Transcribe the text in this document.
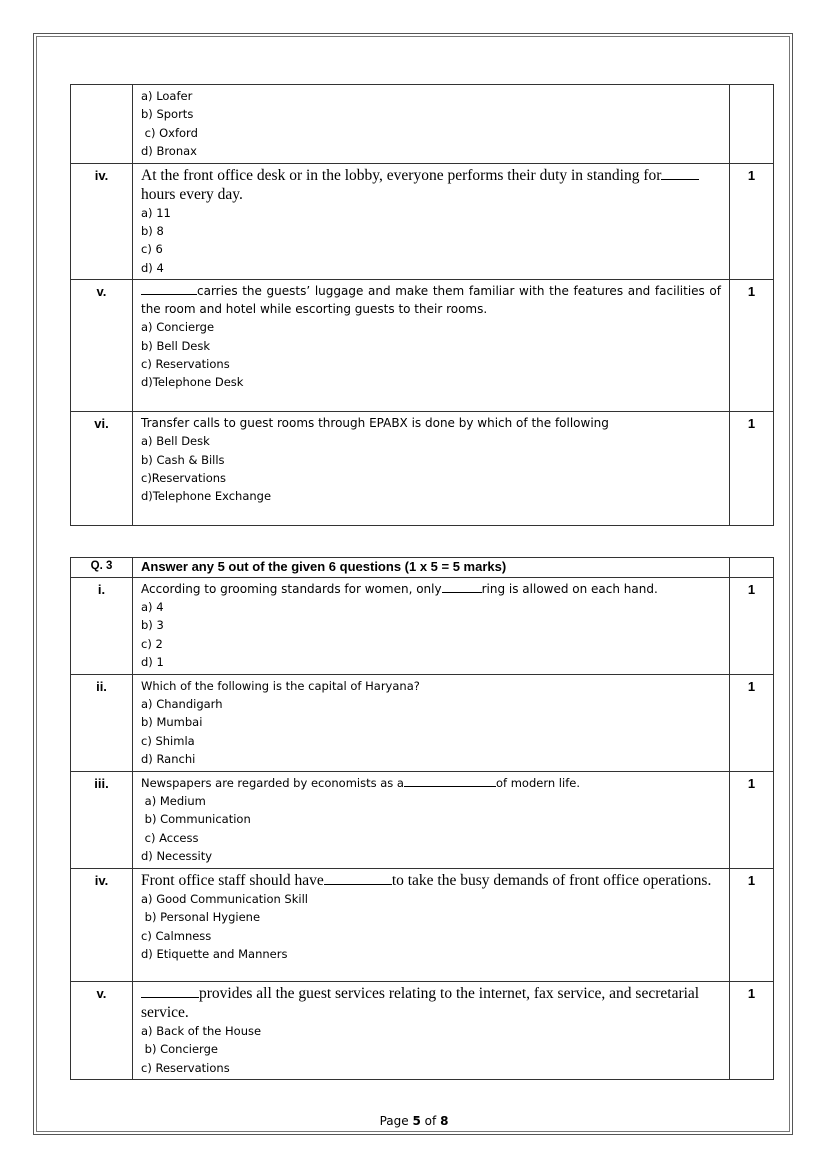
	a) Loafer
b) Sports
c) Oxford
d) Bronax	

iv.	At the front office desk or in the lobby, everyone performs their duty in standing forhours every day.
a) 11
b) 8
c) 6
d) 4	1
v.	carries the guests’ luggage and make them familiar with the features and facilities of the room and hotel while escorting guests to their rooms.
a) Concierge
b) Bell Desk
c) Reservations
d)Telephone Desk	1
vi.	Transfer calls to guest rooms through EPABX is done by which of the following
a) Bell Desk
b) Cash & Bills
c)Reservations
d)Telephone Exchange	1
Q. 3	Answer any 5 out of the given 6 questions (1 x 5 = 5 marks)	
i.	According to grooming standards for women, only ring is allowed on each hand.
a) 4
b) 3
c) 2
d) 1	1
ii.	Which of the following is the capital of Haryana?
a) Chandigarh
b) Mumbai
c) Shimla
d) Ranchi	1
iii.	Newspapers are regarded by economists as a of modern life.
a) Medium
b) Communication
c) Access
d) Necessity	1
iv.	Front office staff should have to take the busy demands of front office operations.
a) Good Communication Skill
b) Personal Hygiene
c) Calmness
d) Etiquette and Manners	1
v.	provides all the guest services relating to the internet, fax service, and secretarial service.
a) Back of the House
b) Concierge
c) Reservations	1
Page 5 of 8
